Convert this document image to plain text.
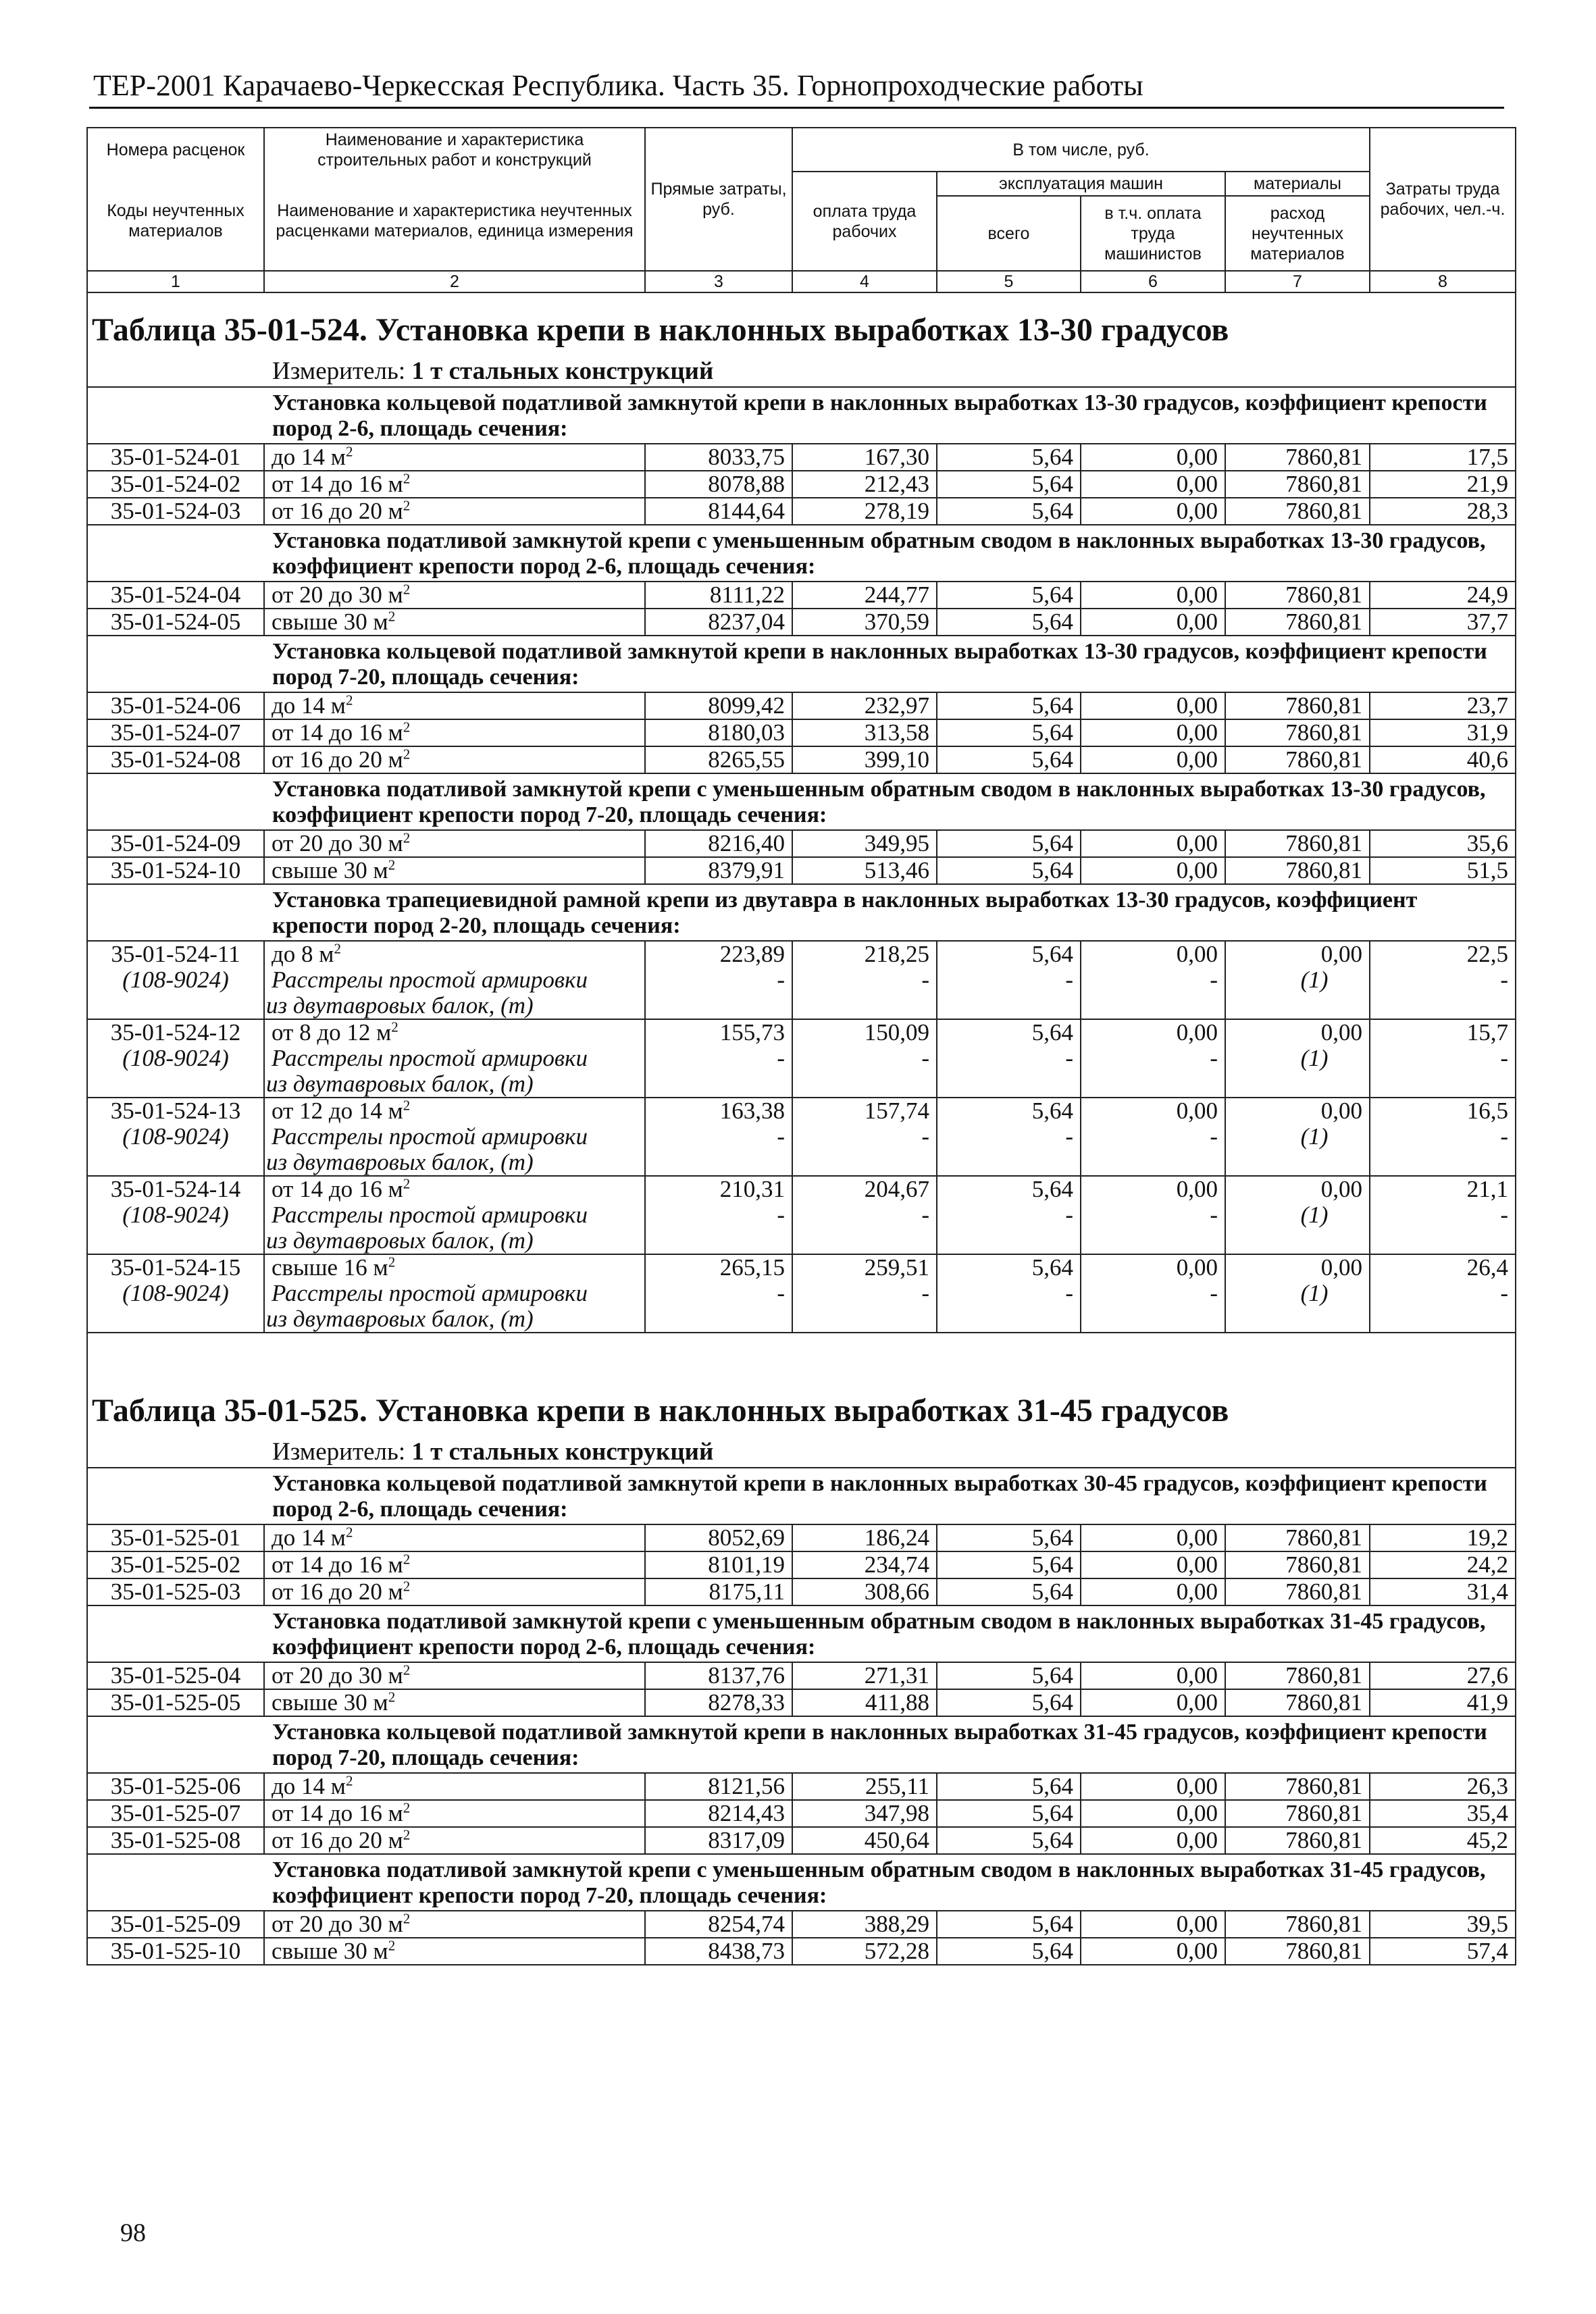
ТЕР-2001 Карачаево-Черкесская Республика. Часть 35. Горнопроходческие работы
Номера расценок	Наименование и характеристика строительных работ и конструкций	Прямые затраты, руб.	В том числе, руб.				Затраты труда рабочих, чел.-ч.
Коды неучтенных материалов	Наименование и характеристика неучтенных расценками материалов, единица измерения		оплата труда рабочих	эксплуатация машин		материалы	
				всего	в т.ч. оплата труда машинистов	расход неучтенных материалов	

1	2	3	4	5	6	7	8
Таблица 35-01-524. Установка крепи в наклонных выработках 13-30 градусов							
Измеритель: 1 т стальных конструкций							
Установка кольцевой податливой замкнутой крепи в наклонных выработках 13-30 градусов, коэффициент крепости пород 2-6, площадь сечения:							
35-01-524-01	до 14 $м^2$	8033,75	167,30	5,64	0,00	7860,81	17,5
35-01-524-02	от 14 до 16 $м^2$	8078,88	212,43	5,64	0,00	7860,81	21,9
35-01-524-03	от 16 до 20 $м^2$	8144,64	278,19	5,64	0,00	7860,81	28,3
Установка податливой замкнутой крепи с уменьшенным обратным сводом в наклонных выработках 13-30 градусов, коэффициент крепости пород 2-6, площадь сечения:							
35-01-524-04	от 20 до 30 $м^2$	8111,22	244,77	5,64	0,00	7860,81	24,9
35-01-524-05	свыше 30 $м^2$	8237,04	370,59	5,64	0,00	7860,81	37,7
Установка кольцевой податливой замкнутой крепи в наклонных выработках 13-30 градусов, коэффициент крепости пород 7-20, площадь сечения:							
35-01-524-06	до 14 $м^2$	8099,42	232,97	5,64	0,00	7860,81	23,7
35-01-524-07	от 14 до 16 $м^2$	8180,03	313,58	5,64	0,00	7860,81	31,9
35-01-524-08	от 16 до 20 $м^2$	8265,55	399,10	5,64	0,00	7860,81	40,6
Установка податливой замкнутой крепи с уменьшенным обратным сводом в наклонных выработках 13-30 градусов, коэффициент крепости пород 7-20, площадь сечения:							
35-01-524-09	от 20 до 30 $м^2$	8216,40	349,95	5,64	0,00	7860,81	35,6
35-01-524-10	свыше 30 $м^2$	8379,91	513,46	5,64	0,00	7860,81	51,5
Установка трапециевидной рамной крепи из двутавра в наклонных выработках 13-30 градусов, коэффициент крепости пород 2-20, площадь сечения:							
35-01-524-11	до 8 $м^2$	223,89	218,25	5,64	0,00	0,00	22,5
(108-9024)	Расстрелы простой армировки	-	-	-	-	(1)	-
	из двутавровых балок, (т)						
35-01-524-12	от 8 до 12 $м^2$	155,73	150,09	5,64	0,00	0,00	15,7
(108-9024)	Расстрелы простой армировки	-	-	-	-	(1)	-
	из двутавровых балок, (т)						
35-01-524-13	от 12 до 14 $м^2$	163,38	157,74	5,64	0,00	0,00	16,5
(108-9024)	Расстрелы простой армировки	-	-	-	-	(1)	-
	из двутавровых балок, (т)						
35-01-524-14	от 14 до 16 $м^2$	210,31	204,67	5,64	0,00	0,00	21,1
(108-9024)	Расстрелы простой армировки	-	-	-	-	(1)	-
	из двутавровых балок, (т)						
35-01-524-15	свыше 16 $м^2$	265,15	259,51	5,64	0,00	0,00	26,4
(108-9024)	Расстрелы простой армировки	-	-	-	-	(1)	-
	из двутавровых балок, (т)						

Таблица 35-01-525. Установка крепи в наклонных выработках 31-45 градусов							
Измеритель: 1 т стальных конструкций							
Установка кольцевой податливой замкнутой крепи в наклонных выработках 30-45 градусов, коэффициент крепости пород 2-6, площадь сечения:							
35-01-525-01	до 14 $м^2$	8052,69	186,24	5,64	0,00	7860,81	19,2
35-01-525-02	от 14 до 16 $м^2$	8101,19	234,74	5,64	0,00	7860,81	24,2
35-01-525-03	от 16 до 20 $м^2$	8175,11	308,66	5,64	0,00	7860,81	31,4
Установка податливой замкнутой крепи с уменьшенным обратным сводом в наклонных выработках 31-45 градусов, коэффициент крепости пород 2-6, площадь сечения:							
35-01-525-04	от 20 до 30 $м^2$	8137,76	271,31	5,64	0,00	7860,81	27,6
35-01-525-05	свыше 30 $м^2$	8278,33	411,88	5,64	0,00	7860,81	41,9
Установка кольцевой податливой замкнутой крепи в наклонных выработках 31-45 градусов, коэффициент крепости пород 7-20, площадь сечения:							
35-01-525-06	до 14 $м^2$	8121,56	255,11	5,64	0,00	7860,81	26,3
35-01-525-07	от 14 до 16 $м^2$	8214,43	347,98	5,64	0,00	7860,81	35,4
35-01-525-08	от 16 до 20 $м^2$	8317,09	450,64	5,64	0,00	7860,81	45,2
Установка податливой замкнутой крепи с уменьшенным обратным сводом в наклонных выработках 31-45 градусов, коэффициент крепости пород 7-20, площадь сечения:							
35-01-525-09	от 20 до 30 $м^2$	8254,74	388,29	5,64	0,00	7860,81	39,5
35-01-525-10	свыше 30 $м^2$	8438,73	572,28	5,64	0,00	7860,81	57,4
98
